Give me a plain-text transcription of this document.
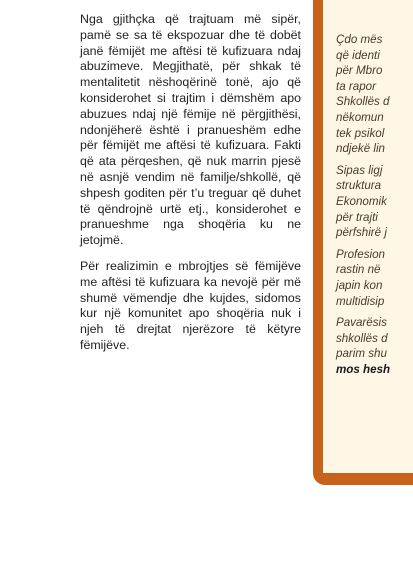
Nga gjithçka që trajtuam më sipër, pamë se sa të ekspozuar dhe të dobët janë fëmijët me aftësi të kufizuara ndaj abuzimeve. Megjithatë, për shkak të mentalitetit nëshoqërinë tonë, ajo që konsiderohet si trajtim i dëmshëm apo abuzues ndaj një fëmije në përgjithësi, ndonjëherë është i pranueshëm edhe për fëmijët me aftësi të kufizuara. Fakti që ata përqeshen, që nuk marrin pjesë në asnjë vendim në familje/shkollë, që shpesh goditen për t’u treguar që duhet të qëndrojnë urtë etj., konsiderohet e pranueshme nga shoqëria ku ne jetojmë.

Për realizimin e mbrojtjes së fëmijëve me aftësi të kufizuara ka nevojë për më shumë vëmendje dhe kujdes, sidomos kur një komunitet apo shoqëria nuk i njeh të drejtat njerëzore të këtyre fëmijëve.

Çdo mës
që identi
për Mbro
ta rapor
Shkollës d
nëkomun
tek psikol
ndjekë lin

Sipas ligj
struktura
Ekonomik
për trajti
përfshirë j

Profesion
rastin në
japin kon
multidisip

Pavarësis
shkollës d
parim shu
mos hesh
